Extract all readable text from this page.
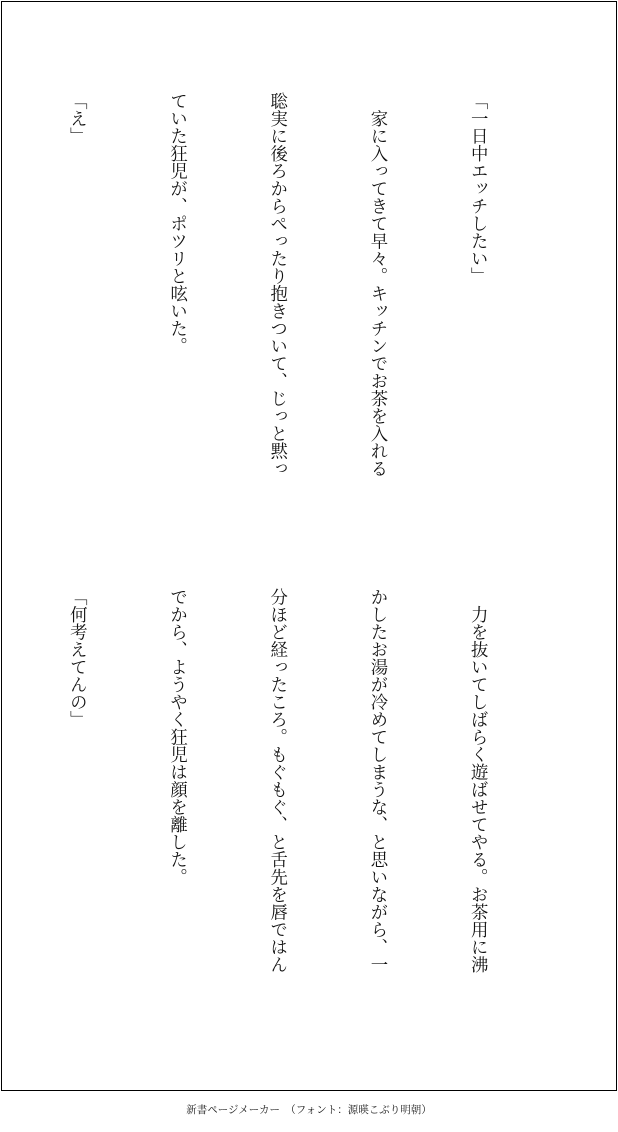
「一日中エッチしたい」

　家に入ってきて早々。キッチンでお茶を入れる

聡実に後ろからぺったり抱きついて、じっと黙っ

ていた狂児が、ポツリと呟いた。

「え」

　力を抜いてしばらく遊ばせてやる。お茶用に沸

かしたお湯が冷めてしまうな、と思いながら、一

分ほど経ったころ。もぐもぐ、と舌先を唇ではん

でから、ようやく狂児は顔を離した。

「何考えてんの」

新書ページメーカー　（フォント：源暎こぶり明朝）
